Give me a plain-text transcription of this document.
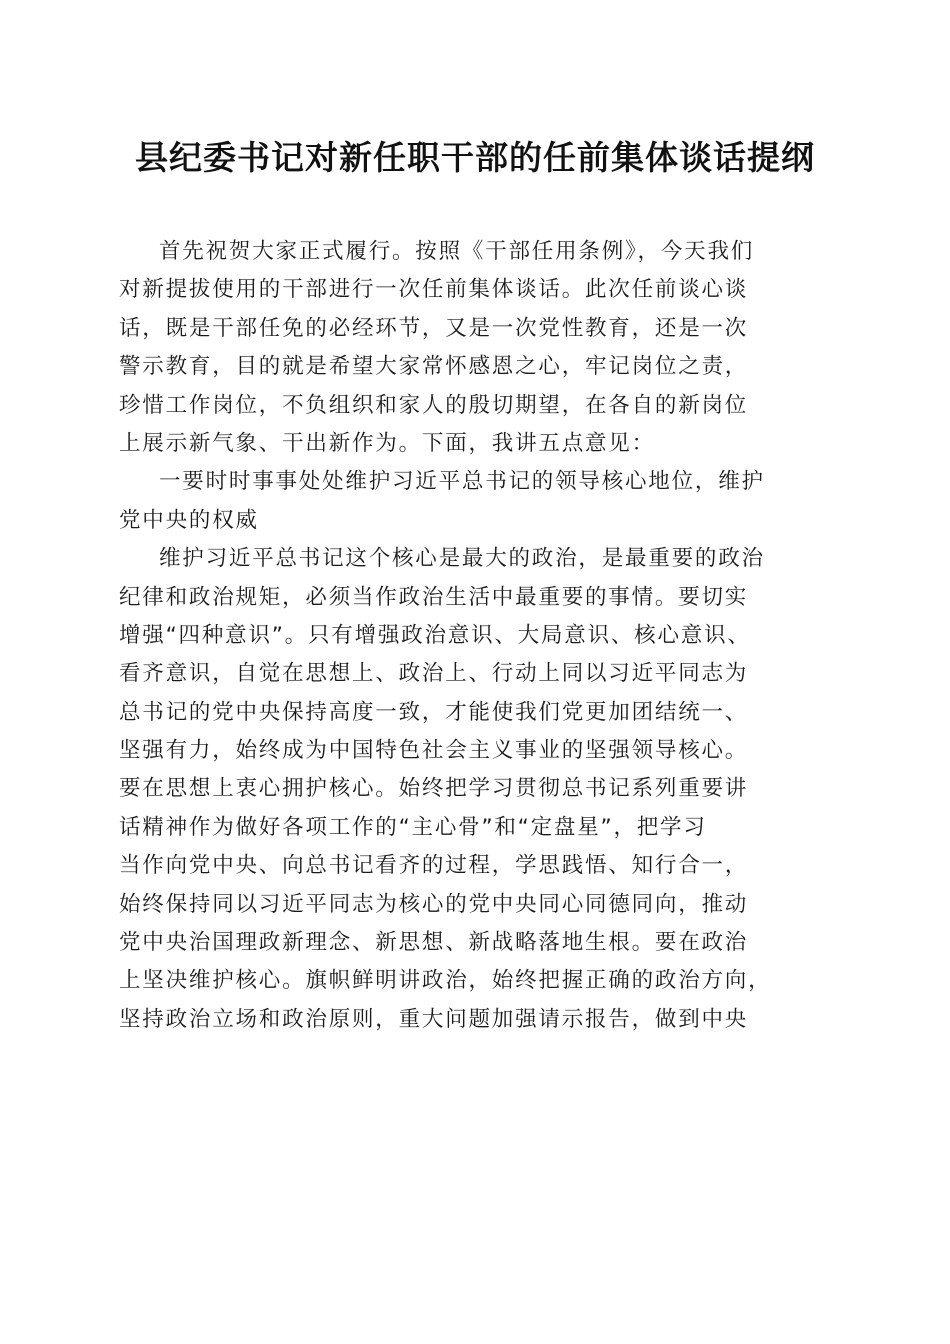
县纪委书记对新任职干部的任前集体谈话提纲
首先祝贺大家正式履行。按照《干部任用条例》，今天我们
对新提拔使用的干部进行一次任前集体谈话。此次任前谈心谈
话，既是干部任免的必经环节，又是一次党性教育，还是一次
警示教育，目的就是希望大家常怀感恩之心，牢记岗位之责，
珍惜工作岗位，不负组织和家人的殷切期望，在各自的新岗位
上展示新气象、干出新作为。下面，我讲五点意见：
一要时时事事处处维护习近平总书记的领导核心地位，维护
党中央的权威
维护习近平总书记这个核心是最大的政治，是最重要的政治
纪律和政治规矩，必须当作政治生活中最重要的事情。要切实
增强“四种意识”。只有增强政治意识、大局意识、核心意识、
看齐意识，自觉在思想上、政治上、行动上同以习近平同志为
总书记的党中央保持高度一致，才能使我们党更加团结统一、
坚强有力，始终成为中国特色社会主义事业的坚强领导核心。
要在思想上衷心拥护核心。始终把学习贯彻总书记系列重要讲
话精神作为做好各项工作的“主心骨”和“定盘星”，把学习
当作向党中央、向总书记看齐的过程，学思践悟、知行合一，
始终保持同以习近平同志为核心的党中央同心同德同向，推动
党中央治国理政新理念、新思想、新战略落地生根。要在政治
上坚决维护核心。旗帜鲜明讲政治，始终把握正确的政治方向，
坚持政治立场和政治原则，重大问题加强请示报告，做到中央
